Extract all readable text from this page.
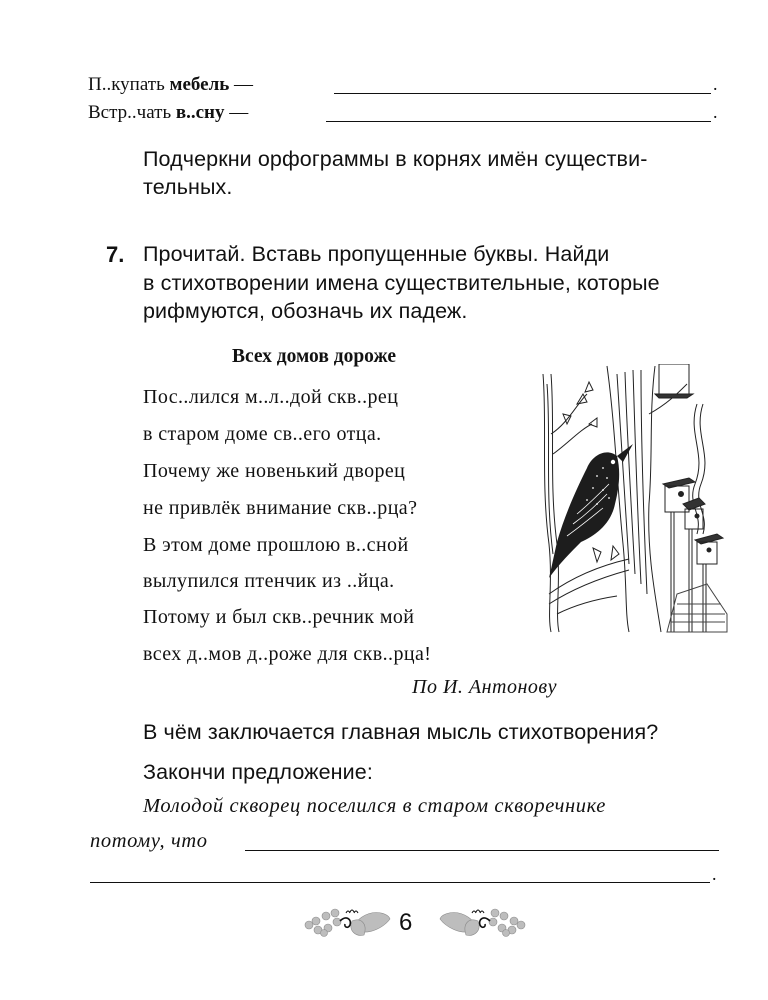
П..купать мебель —	.
Встр..чать в..сну —	.
Подчеркни орфограммы в корнях имён существи-
тельных.
7. Прочитай. Вставь пропущенные буквы. Найди
в стихотворении имена существительные, которые
рифмуются, обозначь их падеж.
Всех домов дороже
Пос..лился м..л..дой скв..рец
в старом доме св..его отца.
Почему же новенький дворец
не привлёк внимание скв..рца?
В этом доме прошлою в..сной
вылупился птенчик из ..йца.
Потому и был скв..речник мой
всех д..мов д..роже для скв..рца!
По И. Антонову
В чём заключается главная мысль стихотворения?
Закончи предложение:
Молодой скворец поселился в старом скворечнике
потому, что
.
6
